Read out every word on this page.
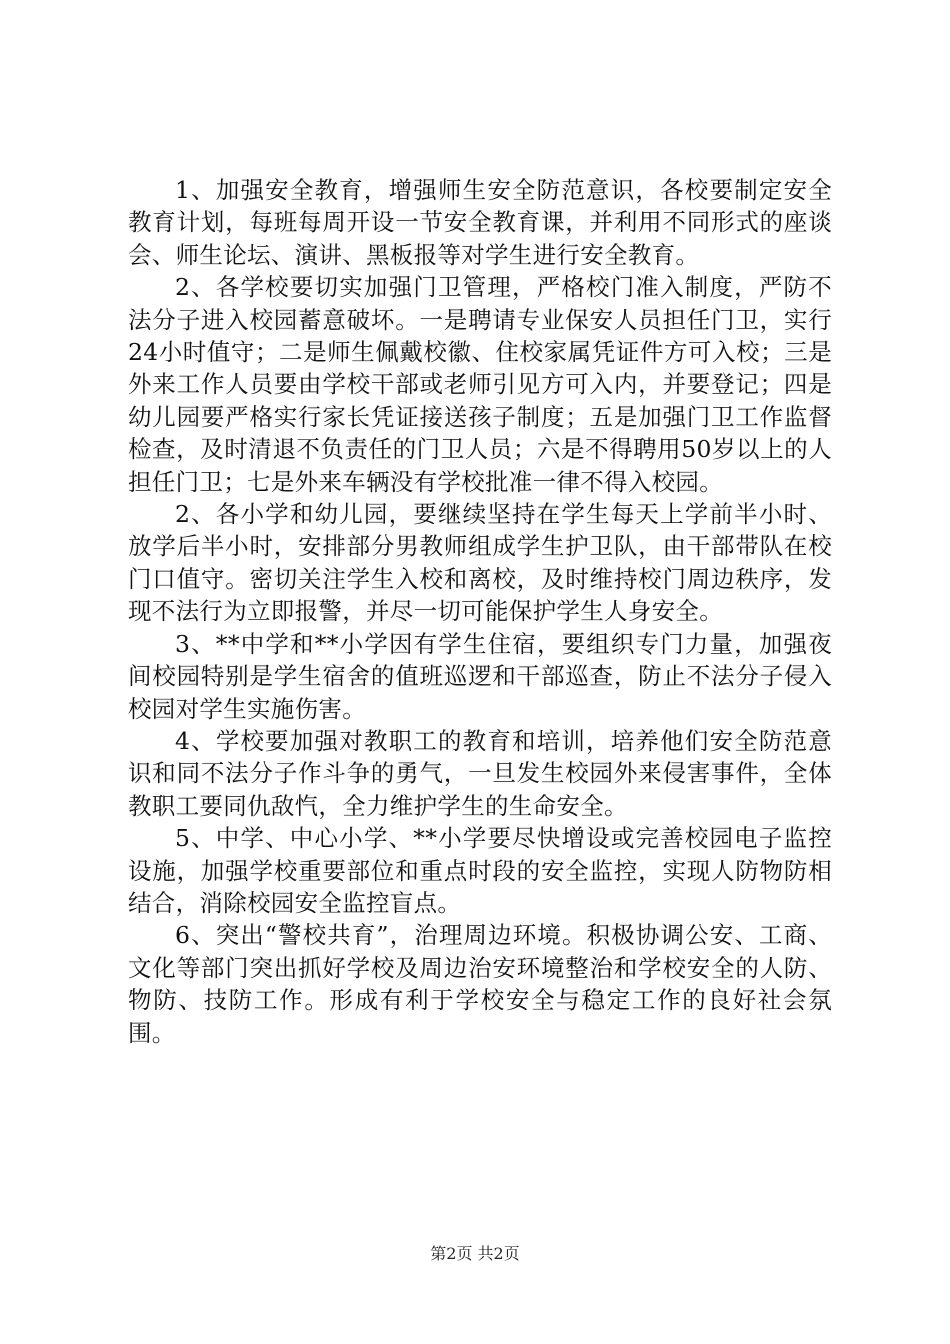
1、加强安全教育，增强师生安全防范意识，各校要制定安全教育计划，每班每周开设一节安全教育课，并利用不同形式的座谈会、师生论坛、演讲、黑板报等对学生进行安全教育。

2、各学校要切实加强门卫管理，严格校门准入制度，严防不法分子进入校园蓄意破坏。一是聘请专业保安人员担任门卫，实行24小时值守；二是师生佩戴校徽、住校家属凭证件方可入校；三是外来工作人员要由学校干部或老师引见方可入内，并要登记；四是幼儿园要严格实行家长凭证接送孩子制度；五是加强门卫工作监督检查，及时清退不负责任的门卫人员；六是不得聘用50岁以上的人担任门卫；七是外来车辆没有学校批准一律不得入校园。

2、各小学和幼儿园，要继续坚持在学生每天上学前半小时、放学后半小时，安排部分男教师组成学生护卫队，由干部带队在校门口值守。密切关注学生入校和离校，及时维持校门周边秩序，发现不法行为立即报警，并尽一切可能保护学生人身安全。

3、**中学和**小学因有学生住宿，要组织专门力量，加强夜间校园特别是学生宿舍的值班巡逻和干部巡查，防止不法分子侵入校园对学生实施伤害。

4、学校要加强对教职工的教育和培训，培养他们安全防范意识和同不法分子作斗争的勇气，一旦发生校园外来侵害事件，全体教职工要同仇敌忾，全力维护学生的生命安全。

5、中学、中心小学、**小学要尽快增设或完善校园电子监控设施，加强学校重要部位和重点时段的安全监控，实现人防物防相结合，消除校园安全监控盲点。

6、突出“警校共育”，治理周边环境。积极协调公安、工商、文化等部门突出抓好学校及周边治安环境整治和学校安全的人防、物防、技防工作。形成有利于学校安全与稳定工作的良好社会氛围。

第2页 共2页
